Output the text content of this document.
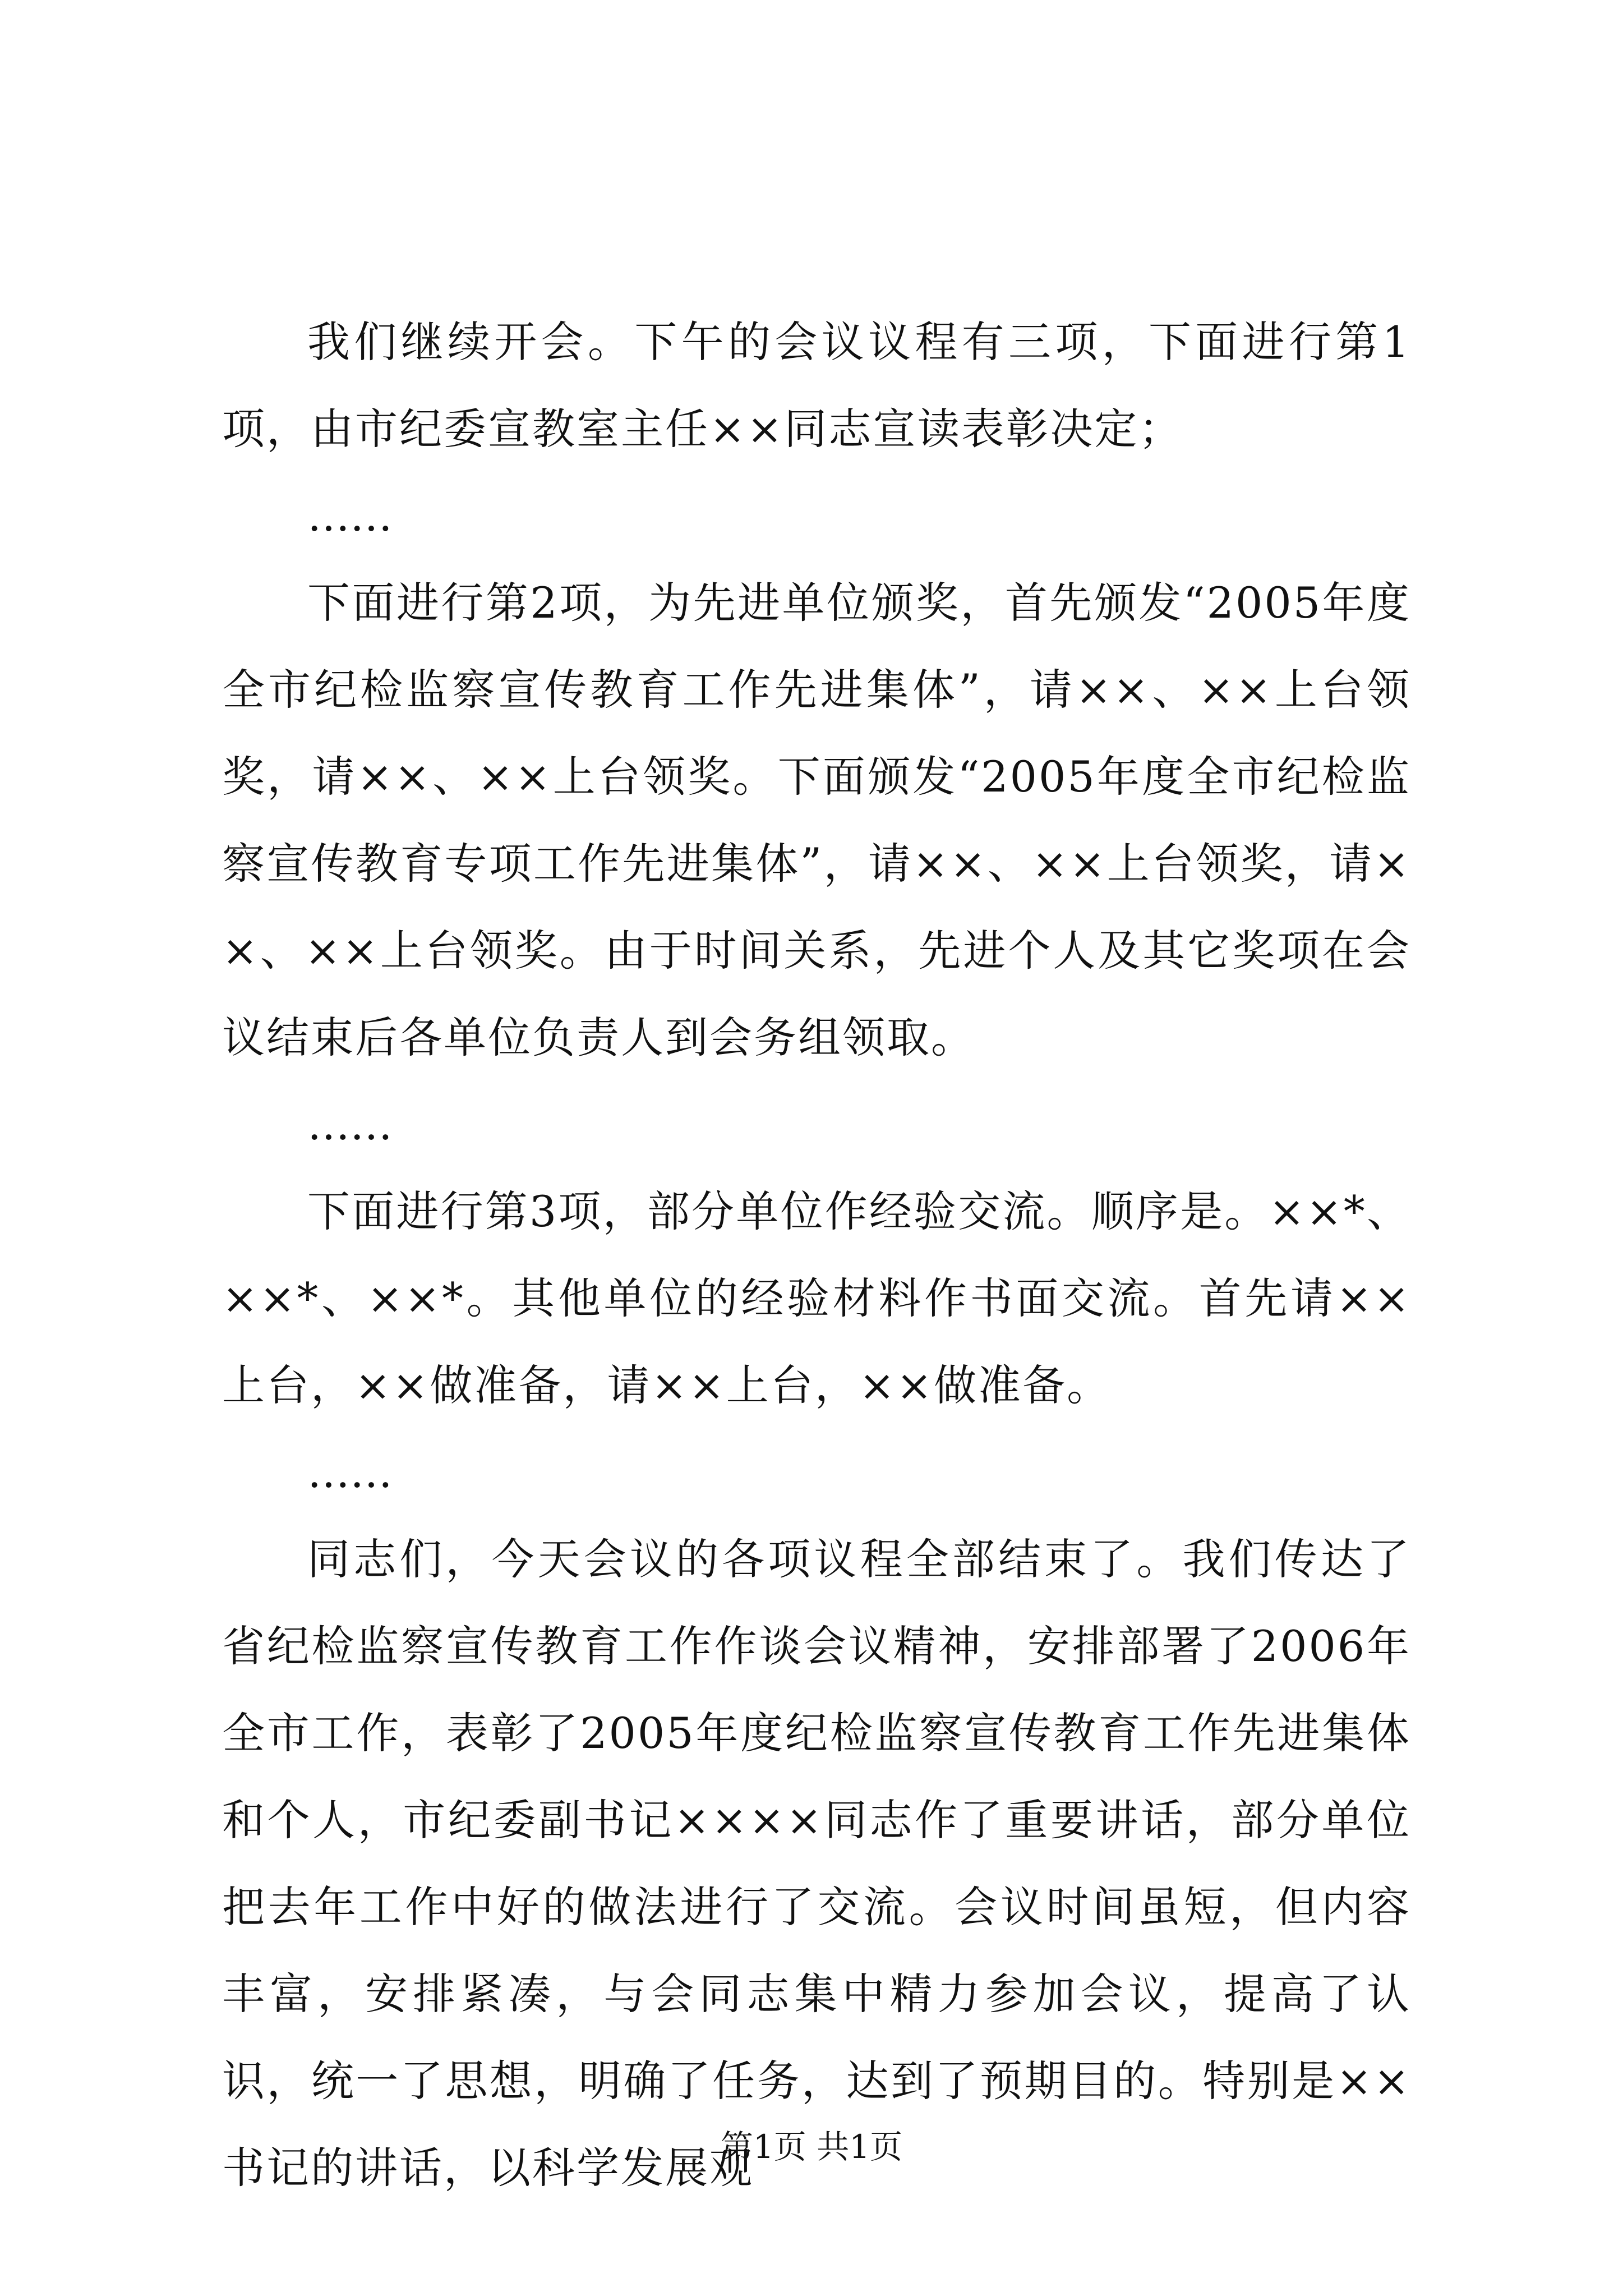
我们继续开会。下午的会议议程有三项，下面进行第1项，由市纪委宣教室主任××同志宣读表彰决定；

……

下面进行第2项，为先进单位颁奖，首先颁发“2005年度全市纪检监察宣传教育工作先进集体”，请××、××上台领奖，请××、××上台领奖。下面颁发“2005年度全市纪检监察宣传教育专项工作先进集体”，请××、××上台领奖，请××、××上台领奖。由于时间关系，先进个人及其它奖项在会议结束后各单位负责人到会务组领取。

……

下面进行第3项，部分单位作经验交流。顺序是。××*、××*、××*。其他单位的经验材料作书面交流。首先请××上台，××做准备，请××上台，××做准备。

……

同志们，今天会议的各项议程全部结束了。我们传达了省纪检监察宣传教育工作作谈会议精神，安排部署了2006年全市工作，表彰了2005年度纪检监察宣传教育工作先进集体和个人，市纪委副书记××××同志作了重要讲话，部分单位把去年工作中好的做法进行了交流。会议时间虽短，但内容丰富，安排紧凑，与会同志集中精力参加会议，提高了认识，统一了思想，明确了任务，达到了预期目的。特别是××书记的讲话，以科学发展观

第1页 共1页
